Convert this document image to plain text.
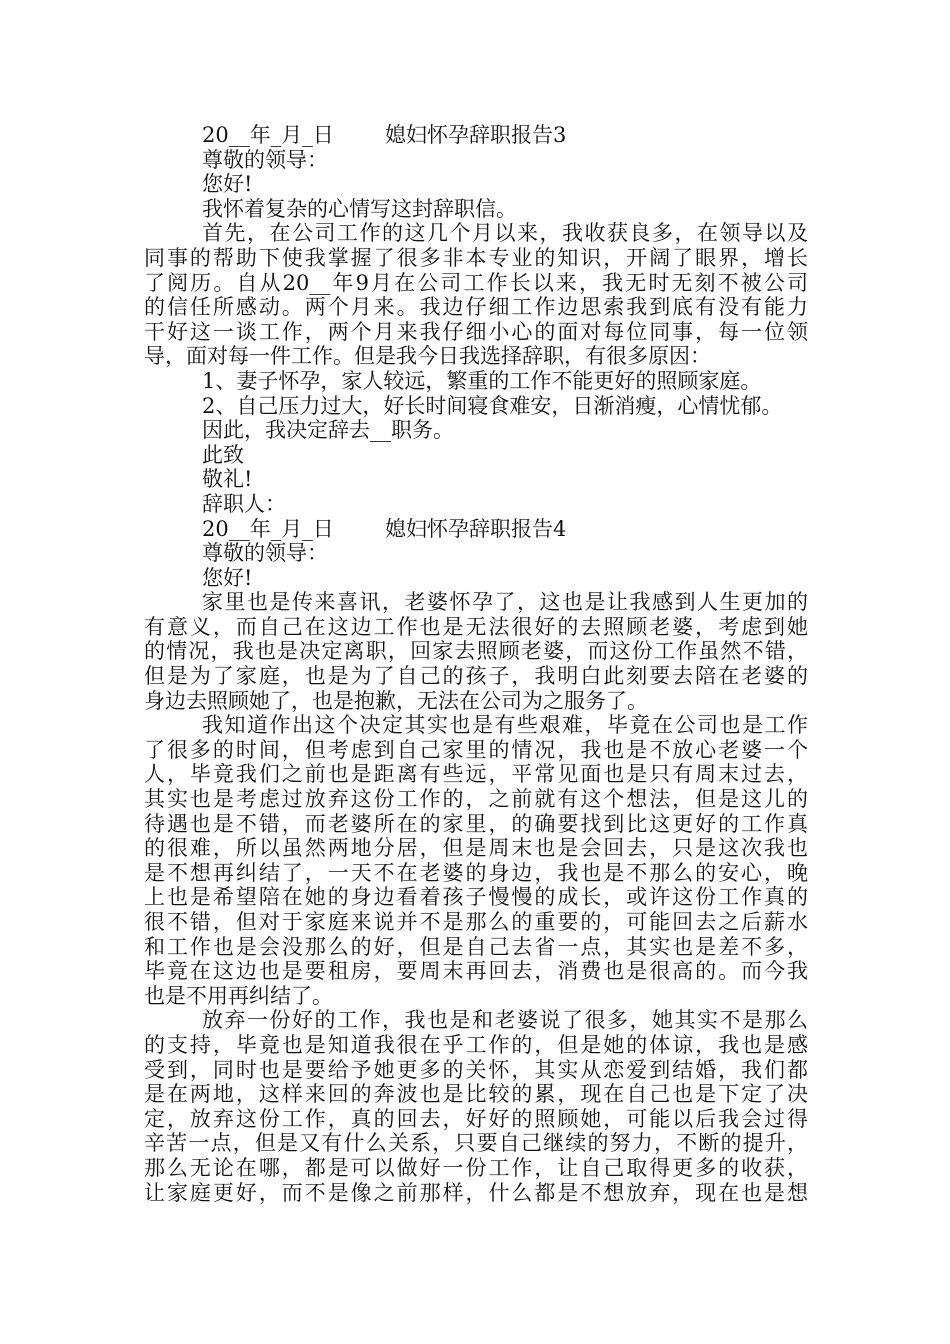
20__年_月_日	媳妇怀孕辞职报告3
尊敬的领导：
您好!
我怀着复杂的心情写这封辞职信。
首先，在公司工作的这几个月以来，我收获良多，在领导以及
同事的帮助下使我掌握了很多非本专业的知识，开阔了眼界，增长
了阅历。自从20__年9月在公司工作长以来，我无时无刻不被公司
的信任所感动。两个月来。我边仔细工作边思索我到底有没有能力
干好这一谈工作，两个月来我仔细小心的面对每位同事，每一位领
导，面对每一件工作。但是我今日我选择辞职，有很多原因：
1、妻子怀孕，家人较远，繁重的工作不能更好的照顾家庭。
2、自己压力过大，好长时间寝食难安，日渐消瘦，心情忧郁。
因此，我决定辞去__职务。
此致
敬礼!
辞职人：
20__年_月_日	媳妇怀孕辞职报告4
尊敬的领导：
您好!
家里也是传来喜讯，老婆怀孕了，这也是让我感到人生更加的
有意义，而自己在这边工作也是无法很好的去照顾老婆，考虑到她
的情况，我也是决定离职，回家去照顾老婆，而这份工作虽然不错，
但是为了家庭，也是为了自己的孩子，我明白此刻要去陪在老婆的
身边去照顾她了，也是抱歉，无法在公司为之服务了。
我知道作出这个决定其实也是有些艰难，毕竟在公司也是工作
了很多的时间，但考虑到自己家里的情况，我也是不放心老婆一个
人，毕竟我们之前也是距离有些远，平常见面也是只有周末过去，
其实也是考虑过放弃这份工作的，之前就有这个想法，但是这儿的
待遇也是不错，而老婆所在的家里，的确要找到比这更好的工作真
的很难，所以虽然两地分居，但是周末也是会回去，只是这次我也
是不想再纠结了，一天不在老婆的身边，我也是不那么的安心，晚
上也是希望陪在她的身边看着孩子慢慢的成长，或许这份工作真的
很不错，但对于家庭来说并不是那么的重要的，可能回去之后薪水
和工作也是会没那么的好，但是自己去省一点，其实也是差不多，
毕竟在这边也是要租房，要周末再回去，消费也是很高的。而今我
也是不用再纠结了。
放弃一份好的工作，我也是和老婆说了很多，她其实不是那么
的支持，毕竟也是知道我很在乎工作的，但是她的体谅，我也是感
受到，同时也是要给予她更多的关怀，其实从恋爱到结婚，我们都
是在两地，这样来回的奔波也是比较的累，现在自己也是下定了决
定，放弃这份工作，真的回去，好好的照顾她，可能以后我会过得
辛苦一点，但是又有什么关系，只要自己继续的努力，不断的提升，
那么无论在哪，都是可以做好一份工作，让自己取得更多的收获，
让家庭更好，而不是像之前那样，什么都是不想放弃，现在也是想
